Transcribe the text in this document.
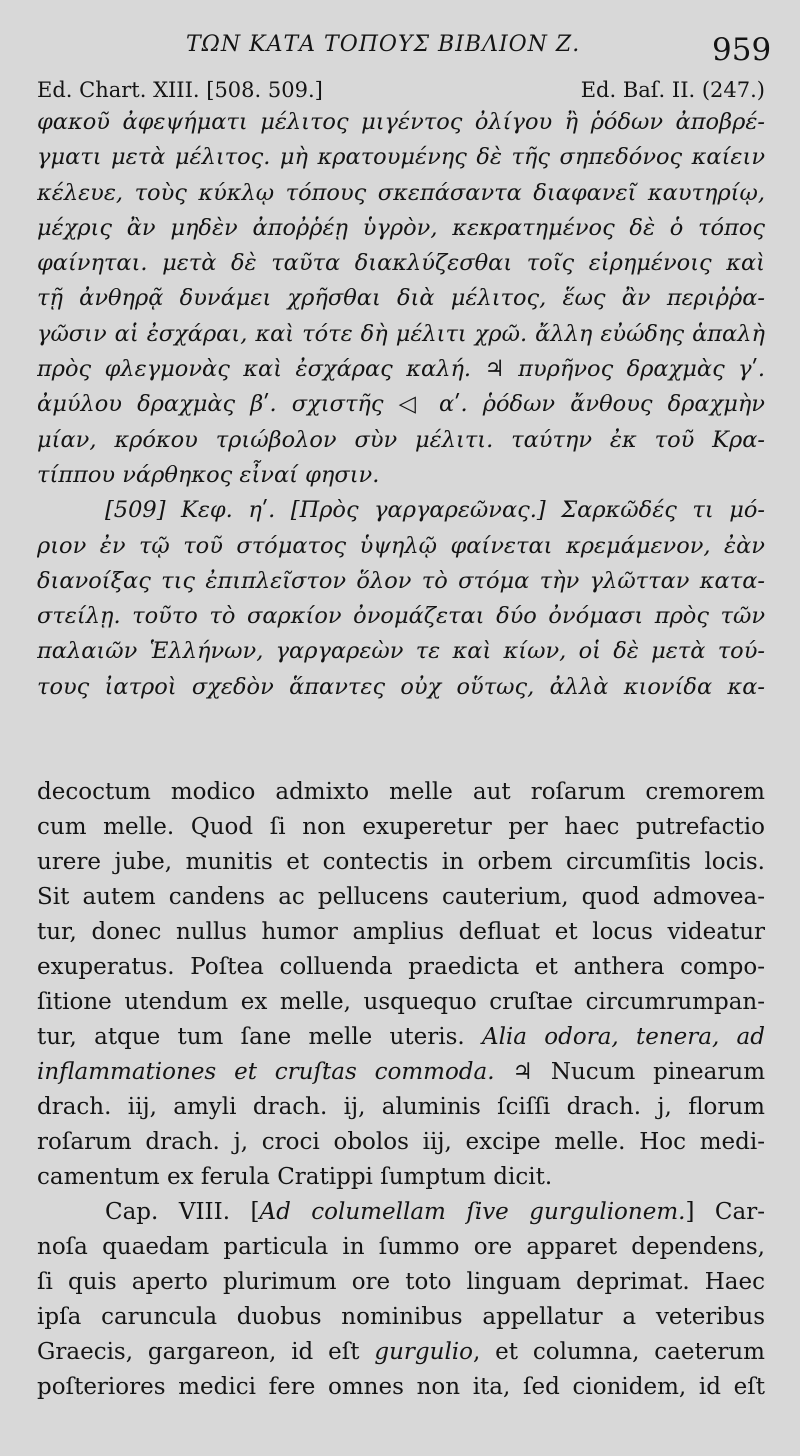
ΤΩΝ ΚΑΤΑ ΤΟΠΟΥΣ ΒΙΒΛΙΟΝ Ζ.	959
Ed. Chart. XIII. [508. 509.]	Ed. Baſ. II. (247.)
φακοῦ ἀφεψήματι μέλιτος μιγέντος ὀλίγου ἢ ῥόδων ἀποβρέ-
γματι μετὰ μέλιτος. μὴ κρατουμένης δὲ τῆς σηπεδόνος καίειν
κέλευε, τοὺς κύκλῳ τόπους σκεπάσαντα διαφανεῖ καυτηρίῳ,
μέχρις ἂν μηδὲν ἀποῤῥέῃ ὑγρὸν, κεκρατημένος δὲ ὁ τόπος
φαίνηται. μετὰ δὲ ταῦτα διακλύζεσθαι τοῖς εἰρημένοις καὶ
τῇ ἀνθηρᾷ δυνάμει χρῆσθαι διὰ μέλιτος, ἕως ἂν περιῤῥα-
γῶσιν αἱ ἐσχάραι, καὶ τότε δὴ μέλιτι χρῶ. ἄλλη εὐώδης ἁπαλὴ
πρὸς φλεγμονὰς καὶ ἐσχάρας καλή. ♃ πυρῆνος δραχμὰς γʹ.
ἀμύλου δραχμὰς βʹ. σχιστῆς ◁ αʹ. ῥόδων ἄνθους δραχμὴν
μίαν, κρόκου τριώβολον σὺν μέλιτι. ταύτην ἐκ τοῦ Κρα-
τίππου νάρθηκος εἶναί φησιν.
[509] Κεφ. ηʹ. [Πρὸς γαργαρεῶνας.] Σαρκῶδές τι μό-
ριον ἐν τῷ τοῦ στόματος ὑψηλῷ φαίνεται κρεμάμενον, ἐὰν
διανοίξας τις ἐπιπλεῖστον ὅλον τὸ στόμα τὴν γλῶτταν κατα-
στείλῃ. τοῦτο τὸ σαρκίον ὀνομάζεται δύο ὀνόμασι πρὸς τῶν
παλαιῶν Ἑλλήνων, γαργαρεὼν τε καὶ κίων, οἱ δὲ μετὰ τού-
τους ἰατροὶ σχεδὸν ἅπαντες οὐχ οὕτως, ἀλλὰ κιονίδα κα-
decoctum modico admixto melle aut roſarum cremorem
cum melle. Quod ſi non exuperetur per haec putrefactio
urere jube, munitis et contectis in orbem circumſitis locis.
Sit autem candens ac pellucens cauterium, quod admovea-
tur, donec nullus humor amplius defluat et locus videatur
exuperatus. Poſtea colluenda praedicta et anthera compo-
ſitione utendum ex melle, usquequo cruſtae circumrumpan-
tur, atque tum ſane melle uteris. Alia odora, tenera, ad
inflammationes et cruſtas commoda. ♃ Nucum pinearum
drach. iij, amyli drach. ij, aluminis ſciſſi drach. j, florum
roſarum drach. j, croci obolos iij, excipe melle. Hoc medi-
camentum ex ferula Cratippi ſumptum dicit.
Cap. VIII. [Ad columellam ſive gurgulionem.] Car-
noſa quaedam particula in ſummo ore apparet dependens,
ſi quis aperto plurimum ore toto linguam deprimat. Haec
ipſa caruncula duobus nominibus appellatur a veteribus
Graecis, gargareon, id eſt gurgulio, et columna, caeterum
poſteriores medici fere omnes non ita, ſed cionidem, id eſt
